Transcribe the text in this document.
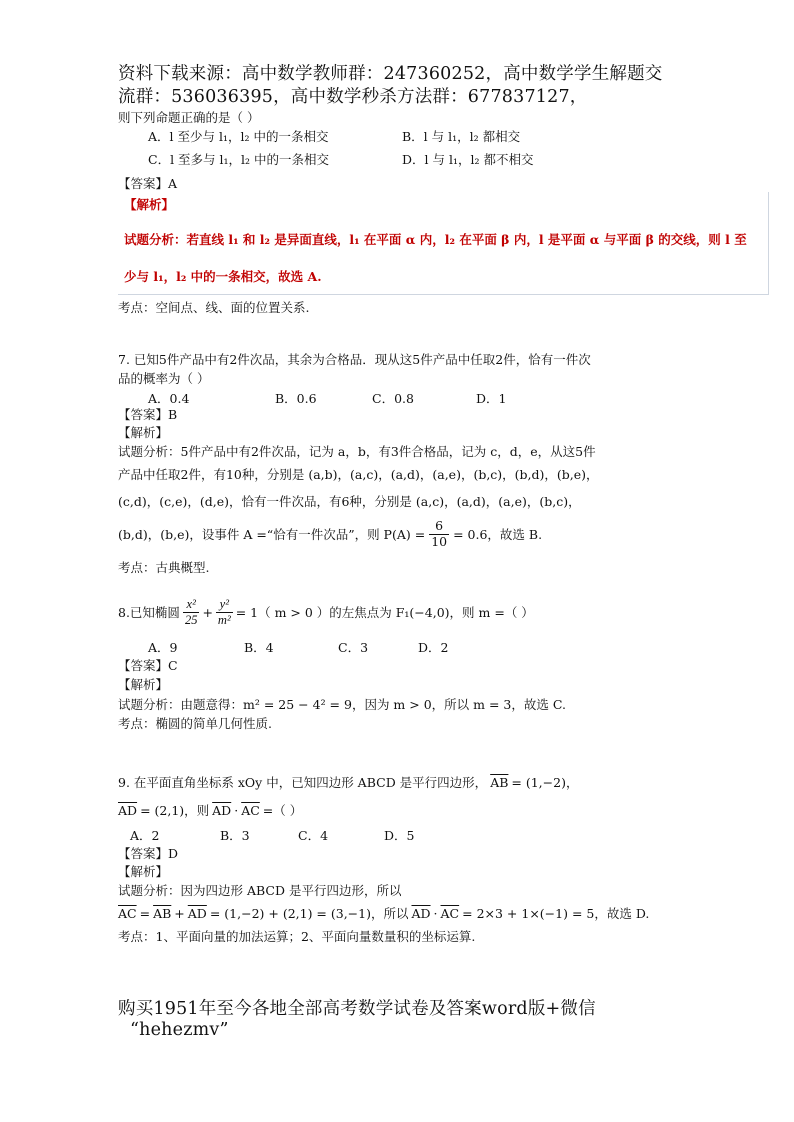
资料下载来源：高中数学教师群：247360252，高中数学学生解题交
流群：536036395，高中数学秒杀方法群：677837127，
则下列命题正确的是（ ）
A．l 至少与 l₁，l₂ 中的一条相交	B．l 与 l₁，l₂ 都相交
C．l 至多与 l₁，l₂ 中的一条相交	D．l 与 l₁，l₂ 都不相交
【答案】A
【解析】
试题分析：若直线 l₁ 和 l₂ 是异面直线，l₁ 在平面 α 内，l₂ 在平面 β 内，l 是平面 α 与平面 β 的交线，则 l 至
少与 l₁，l₂ 中的一条相交，故选 A.
考点：空间点、线、面的位置关系.
7. 已知5件产品中有2件次品，其余为合格品．现从这5件产品中任取2件，恰有一件次
品的概率为（ ）
A．0.4	B．0.6	C．0.8	D．1
【答案】B
【解析】
试题分析：5件产品中有2件次品，记为 a，b，有3件合格品，记为 c，d，e，从这5件
产品中任取2件，有10种，分别是 (a,b)，(a,c)，(a,d)，(a,e)，(b,c)，(b,d)，(b,e)，
(c,d)，(c,e)，(d,e)，恰有一件次品，有6种，分别是 (a,c)，(a,d)，(a,e)，(b,c)，
(b,d)，(b,e)，设事件 A =“恰有一件次品”，则 $P(A) = \frac{6}{10} = 0.6$，故选 B.
考点：古典概型.
8.已知椭圆 $\frac{\text{x²}}{25} + \frac{\text{y²}}{\text{m²}} = 1$（ m > 0 ）的左焦点为 F₁(−4,0)，则 m =（ ）
A．9	B．4	C．3	D．2
【答案】C
【解析】
试题分析：由题意得：m² = 25 − 4² = 9，因为 m > 0，所以 m = 3，故选 C.
考点：椭圆的简单几何性质.
9. 在平面直角坐标系 xOy 中，已知四边形 ABCD 是平行四边形， $\overline{AB} = (1,-2)$，
$\overline{AD} = (2,1)$，则 $\overline{AD} \cdot \overline{AC}$ =（ ）
A．2	B．3	C．4	D．5
【答案】D
【解析】
试题分析：因为四边形 ABCD 是平行四边形，所以
$\overline{AC} = \overline{AB} + \overline{AD} = (1,-2) + (2,1) = (3,-1)$，所以 $\overline{AD} \cdot \overline{AC} = 2\times 3 + 1\times(-1) = 5$，故选 D.
考点：1、平面向量的加法运算；2、平面向量数量积的坐标运算.
购买1951年至今各地全部高考数学试卷及答案word版+微信
“hehezmv”
